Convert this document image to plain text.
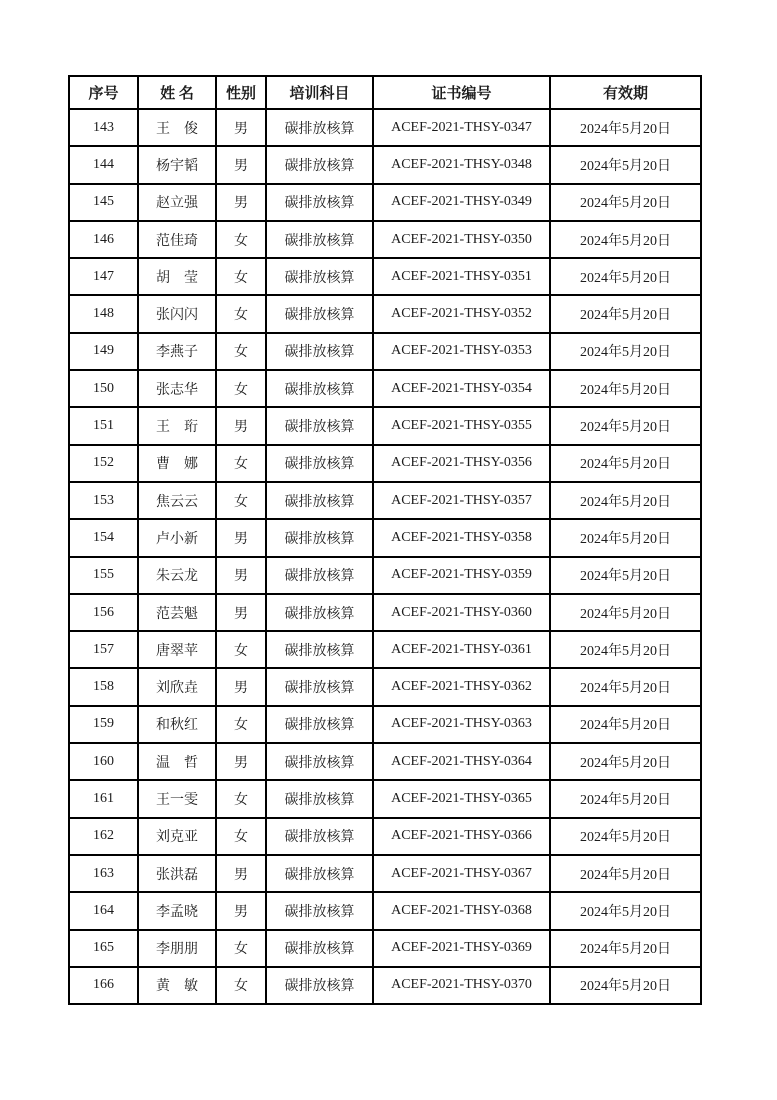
序号	姓 名	性别	培训科目	证书编号	有效期
143	王　俊	男	碳排放核算	ACEF-2021-THSY-0347	2024年5月20日
144	杨宇韬	男	碳排放核算	ACEF-2021-THSY-0348	2024年5月20日
145	赵立强	男	碳排放核算	ACEF-2021-THSY-0349	2024年5月20日
146	范佳琦	女	碳排放核算	ACEF-2021-THSY-0350	2024年5月20日
147	胡　莹	女	碳排放核算	ACEF-2021-THSY-0351	2024年5月20日
148	张闪闪	女	碳排放核算	ACEF-2021-THSY-0352	2024年5月20日
149	李燕子	女	碳排放核算	ACEF-2021-THSY-0353	2024年5月20日
150	张志华	女	碳排放核算	ACEF-2021-THSY-0354	2024年5月20日
151	王　珩	男	碳排放核算	ACEF-2021-THSY-0355	2024年5月20日
152	曹　娜	女	碳排放核算	ACEF-2021-THSY-0356	2024年5月20日
153	焦云云	女	碳排放核算	ACEF-2021-THSY-0357	2024年5月20日
154	卢小新	男	碳排放核算	ACEF-2021-THSY-0358	2024年5月20日
155	朱云龙	男	碳排放核算	ACEF-2021-THSY-0359	2024年5月20日
156	范芸魁	男	碳排放核算	ACEF-2021-THSY-0360	2024年5月20日
157	唐翠苹	女	碳排放核算	ACEF-2021-THSY-0361	2024年5月20日
158	刘欣垚	男	碳排放核算	ACEF-2021-THSY-0362	2024年5月20日
159	和秋红	女	碳排放核算	ACEF-2021-THSY-0363	2024年5月20日
160	温　哲	男	碳排放核算	ACEF-2021-THSY-0364	2024年5月20日
161	王一雯	女	碳排放核算	ACEF-2021-THSY-0365	2024年5月20日
162	刘克亚	女	碳排放核算	ACEF-2021-THSY-0366	2024年5月20日
163	张洪磊	男	碳排放核算	ACEF-2021-THSY-0367	2024年5月20日
164	李孟晓	男	碳排放核算	ACEF-2021-THSY-0368	2024年5月20日
165	李朋朋	女	碳排放核算	ACEF-2021-THSY-0369	2024年5月20日
166	黄　敏	女	碳排放核算	ACEF-2021-THSY-0370	2024年5月20日
